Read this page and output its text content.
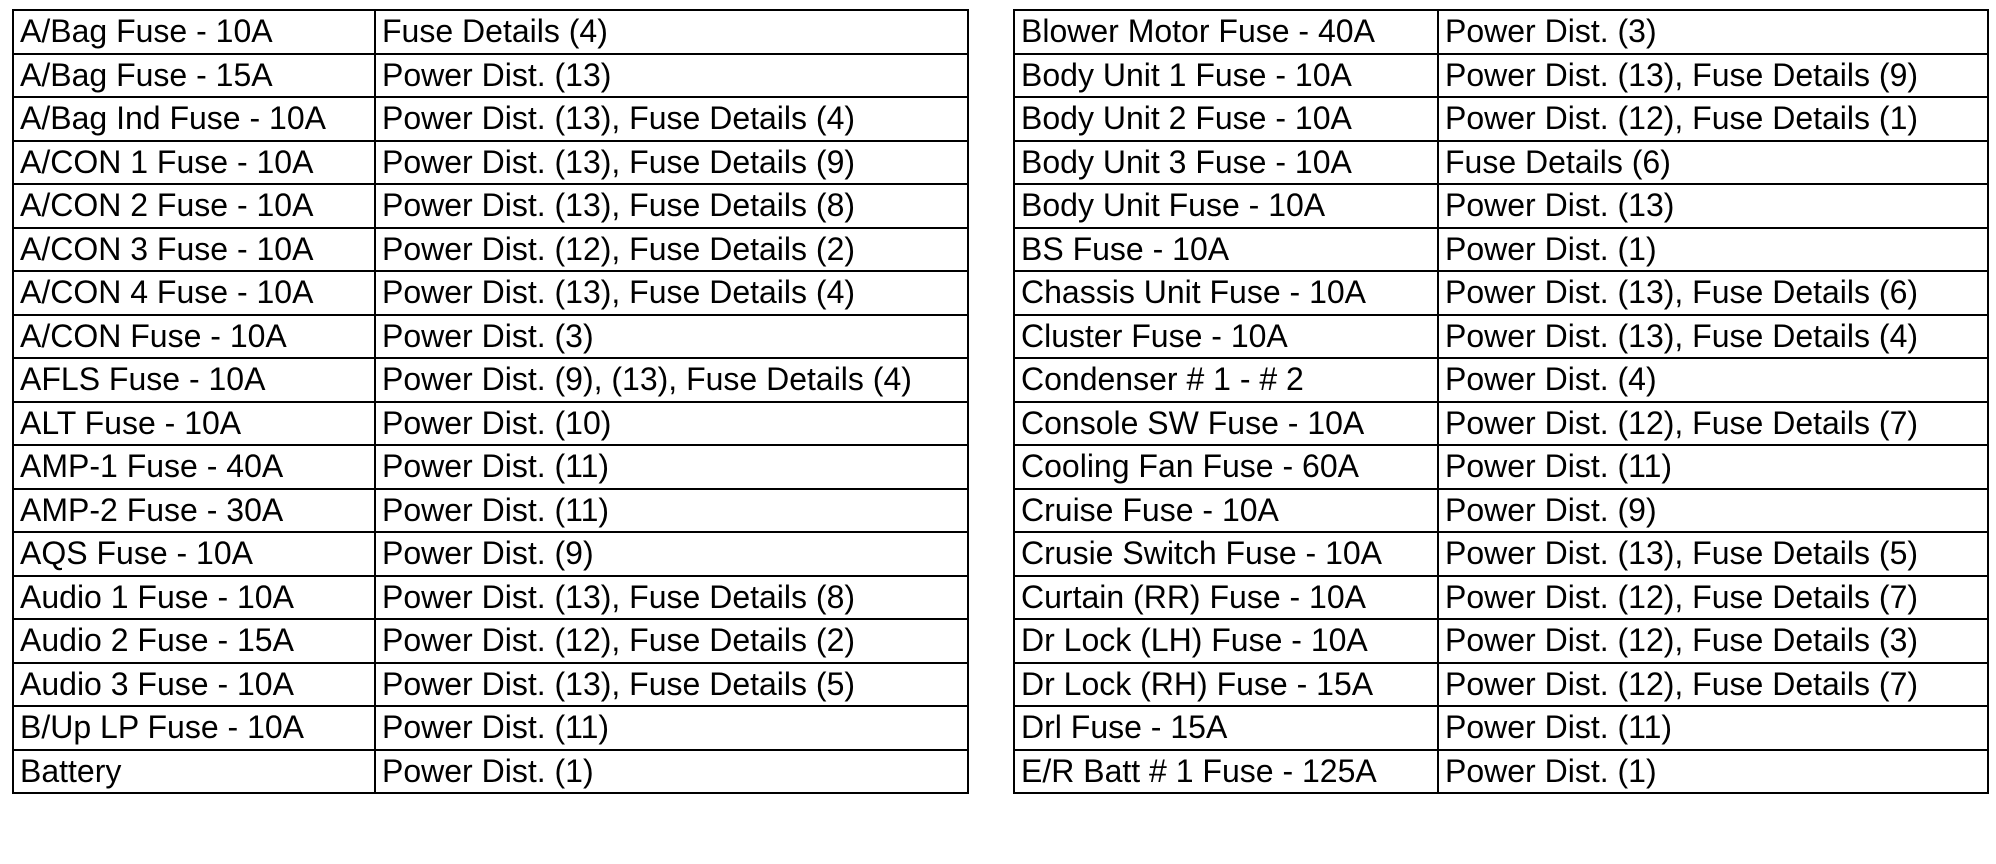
A/Bag Fuse - 10A	Fuse Details (4)
A/Bag Fuse - 15A	Power Dist. (13)
A/Bag Ind Fuse - 10A	Power Dist. (13), Fuse Details (4)
A/CON 1 Fuse - 10A	Power Dist. (13), Fuse Details (9)
A/CON 2 Fuse - 10A	Power Dist. (13), Fuse Details (8)
A/CON 3 Fuse - 10A	Power Dist. (12), Fuse Details (2)
A/CON 4 Fuse - 10A	Power Dist. (13), Fuse Details (4)
A/CON Fuse - 10A	Power Dist. (3)
AFLS Fuse - 10A	Power Dist. (9), (13), Fuse Details (4)
ALT Fuse - 10A	Power Dist. (10)
AMP-1 Fuse - 40A	Power Dist. (11)
AMP-2 Fuse - 30A	Power Dist. (11)
AQS Fuse - 10A	Power Dist. (9)
Audio 1 Fuse - 10A	Power Dist. (13), Fuse Details (8)
Audio 2 Fuse - 15A	Power Dist. (12), Fuse Details (2)
Audio 3 Fuse - 10A	Power Dist. (13), Fuse Details (5)
B/Up LP Fuse - 10A	Power Dist. (11)
Battery	Power Dist. (1)
Blower Motor Fuse - 40A	Power Dist. (3)
Body Unit 1 Fuse - 10A	Power Dist. (13), Fuse Details (9)
Body Unit 2 Fuse - 10A	Power Dist. (12), Fuse Details (1)
Body Unit 3 Fuse - 10A	Fuse Details (6)
Body Unit Fuse - 10A	Power Dist. (13)
BS Fuse - 10A	Power Dist. (1)
Chassis Unit Fuse - 10A	Power Dist. (13), Fuse Details (6)
Cluster Fuse - 10A	Power Dist. (13), Fuse Details (4)
Condenser # 1 - # 2	Power Dist. (4)
Console SW Fuse - 10A	Power Dist. (12), Fuse Details (7)
Cooling Fan Fuse - 60A	Power Dist. (11)
Cruise Fuse - 10A	Power Dist. (9)
Crusie Switch Fuse - 10A	Power Dist. (13), Fuse Details (5)
Curtain (RR) Fuse - 10A	Power Dist. (12), Fuse Details (7)
Dr Lock (LH) Fuse - 10A	Power Dist. (12), Fuse Details (3)
Dr Lock (RH) Fuse - 15A	Power Dist. (12), Fuse Details (7)
Drl Fuse - 15A	Power Dist. (11)
E/R Batt # 1 Fuse - 125A	Power Dist. (1)
